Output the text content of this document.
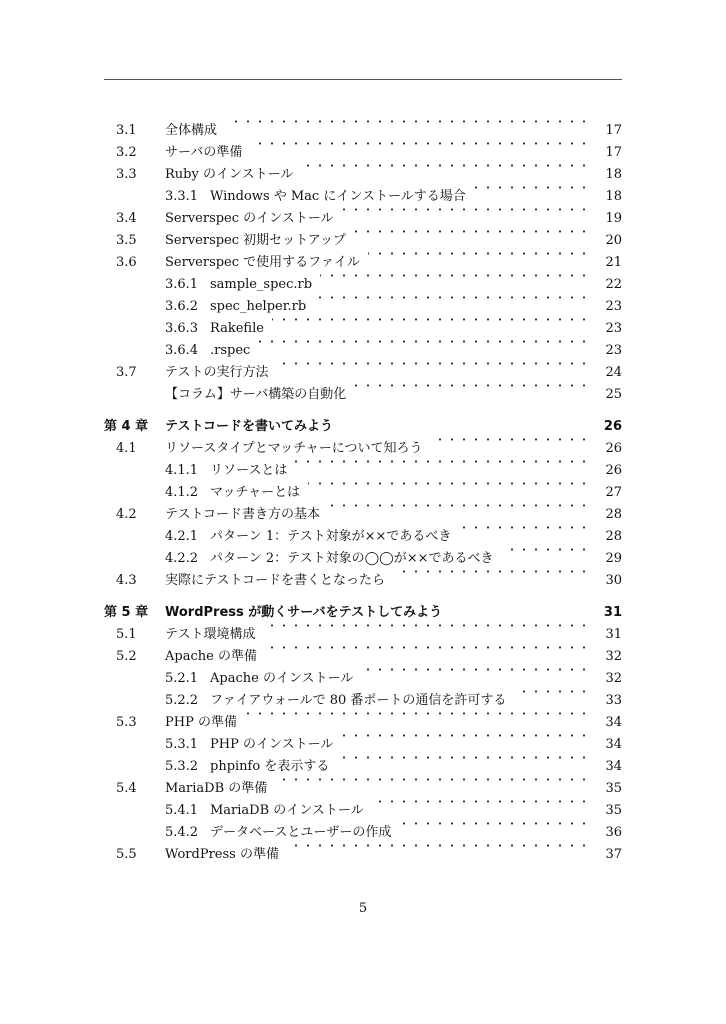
3.1 全体構成	17
3.2 サーバの準備	17
3.3 Ruby のインストール	18
3.3.1 Windows や Mac にインストールする場合	18
3.4 Serverspec のインストール	19
3.5 Serverspec 初期セットアップ	20
3.6 Serverspec で使用するファイル	21
3.6.1 sample_spec.rb	22
3.6.2 spec_helper.rb	23
3.6.3 Rakefile	23
3.6.4 .rspec	23
3.7 テストの実行方法	24
【コラム】サーバ構築の自動化	25
第 4 章 テストコードを書いてみよう	26
4.1 リソースタイプとマッチャーについて知ろう	26
4.1.1 リソースとは	26
4.1.2 マッチャーとは	27
4.2 テストコード書き方の基本	28
4.2.1 パターン 1：テスト対象が××であるべき	28
4.2.2 パターン 2：テスト対象の◯◯が××であるべき	29
4.3 実際にテストコードを書くとなったら	30
第 5 章 WordPress が動くサーバをテストしてみよう	31
5.1 テスト環境構成	31
5.2 Apache の準備	32
5.2.1 Apache のインストール	32
5.2.2 ファイアウォールで 80 番ポートの通信を許可する	33
5.3 PHP の準備	34
5.3.1 PHP のインストール	34
5.3.2 phpinfo を表示する	34
5.4 MariaDB の準備	35
5.4.1 MariaDB のインストール	35
5.4.2 データベースとユーザーの作成	36
5.5 WordPress の準備	37
5
